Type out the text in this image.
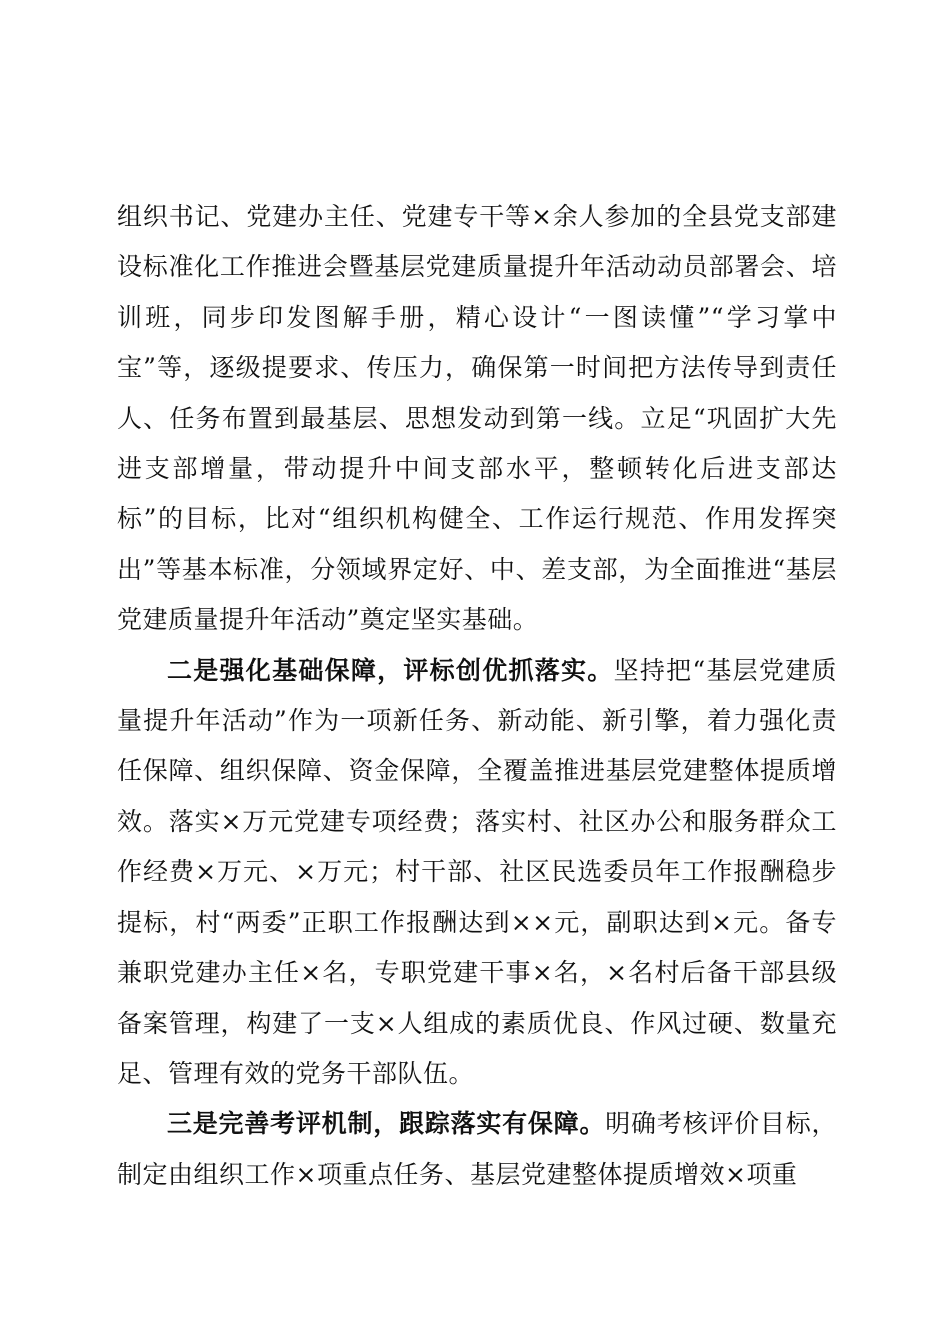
组织书记、党建办主任、党建专干等×余人参加的全县党支部建设标准化工作推进会暨基层党建质量提升年活动动员部署会、培训班，同步印发图解手册，精心设计“一图读懂”“学习掌中宝”等，逐级提要求、传压力，确保第一时间把方法传导到责任人、任务布置到最基层、思想发动到第一线。立足“巩固扩大先进支部增量，带动提升中间支部水平，整顿转化后进支部达标”的目标，比对“组织机构健全、工作运行规范、作用发挥突出”等基本标准，分领域界定好、中、差支部，为全面推进“基层党建质量提升年活动”奠定坚实基础。

二是强化基础保障，评标创优抓落实。坚持把“基层党建质量提升年活动”作为一项新任务、新动能、新引擎，着力强化责任保障、组织保障、资金保障，全覆盖推进基层党建整体提质增效。落实×万元党建专项经费；落实村、社区办公和服务群众工作经费×万元、×万元；村干部、社区民选委员年工作报酬稳步提标，村“两委”正职工作报酬达到××元，副职达到×元。备专兼职党建办主任×名，专职党建干事×名，×名村后备干部县级备案管理，构建了一支×人组成的素质优良、作风过硬、数量充足、管理有效的党务干部队伍。

三是完善考评机制，跟踪落实有保障。明确考核评价目标，制定由组织工作×项重点任务、基层党建整体提质增效×项重
